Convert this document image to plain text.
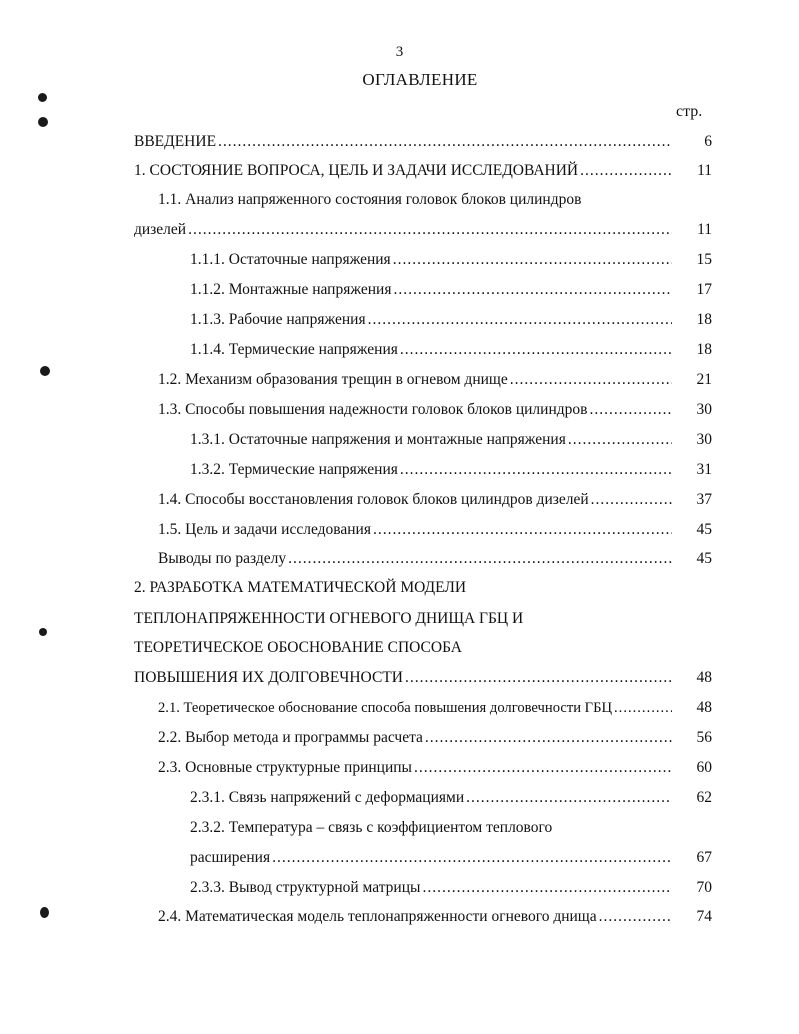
3
ОГЛАВЛЕНИЕ
стр.
ВВЕДЕНИЕ .....	6
1. СОСТОЯНИЕ ВОПРОСА, ЦЕЛЬ И ЗАДАЧИ ИССЛЕДОВАНИЙ .....	11
1.1. Анализ напряженного состояния головок блоков цилиндров
дизелей .....	11
1.1.1. Остаточные напряжения .....	15
1.1.2. Монтажные напряжения .....	17
1.1.3. Рабочие напряжения .....	18
1.1.4. Термические напряжения .....	18
1.2. Механизм образования трещин в огневом днище .....	21
1.3. Способы повышения надежности головок блоков цилиндров .....	30
1.3.1. Остаточные напряжения и монтажные напряжения .....	30
1.3.2. Термические напряжения .....	31
1.4. Способы восстановления головок блоков цилиндров дизелей .....	37
1.5. Цель и задачи исследования .....	45
Выводы по разделу .....	45
2. РАЗРАБОТКА МАТЕМАТИЧЕСКОЙ МОДЕЛИ
ТЕПЛОНАПРЯЖЕННОСТИ ОГНЕВОГО ДНИЩА ГБЦ И
ТЕОРЕТИЧЕСКОЕ ОБОСНОВАНИЕ СПОСОБА
ПОВЫШЕНИЯ ИХ ДОЛГОВЕЧНОСТИ .....	48
2.1. Теоретическое обоснование способа повышения долговечности ГБЦ .....	48
2.2. Выбор метода и программы расчета .....	56
2.3. Основные структурные принципы .....	60
2.3.1. Связь напряжений с деформациями .....	62
2.3.2. Температура – связь с коэффициентом теплового
расширения .....	67
2.3.3. Вывод структурной матрицы .....	70
2.4. Математическая модель теплонапряженности огневого днища .....	74
